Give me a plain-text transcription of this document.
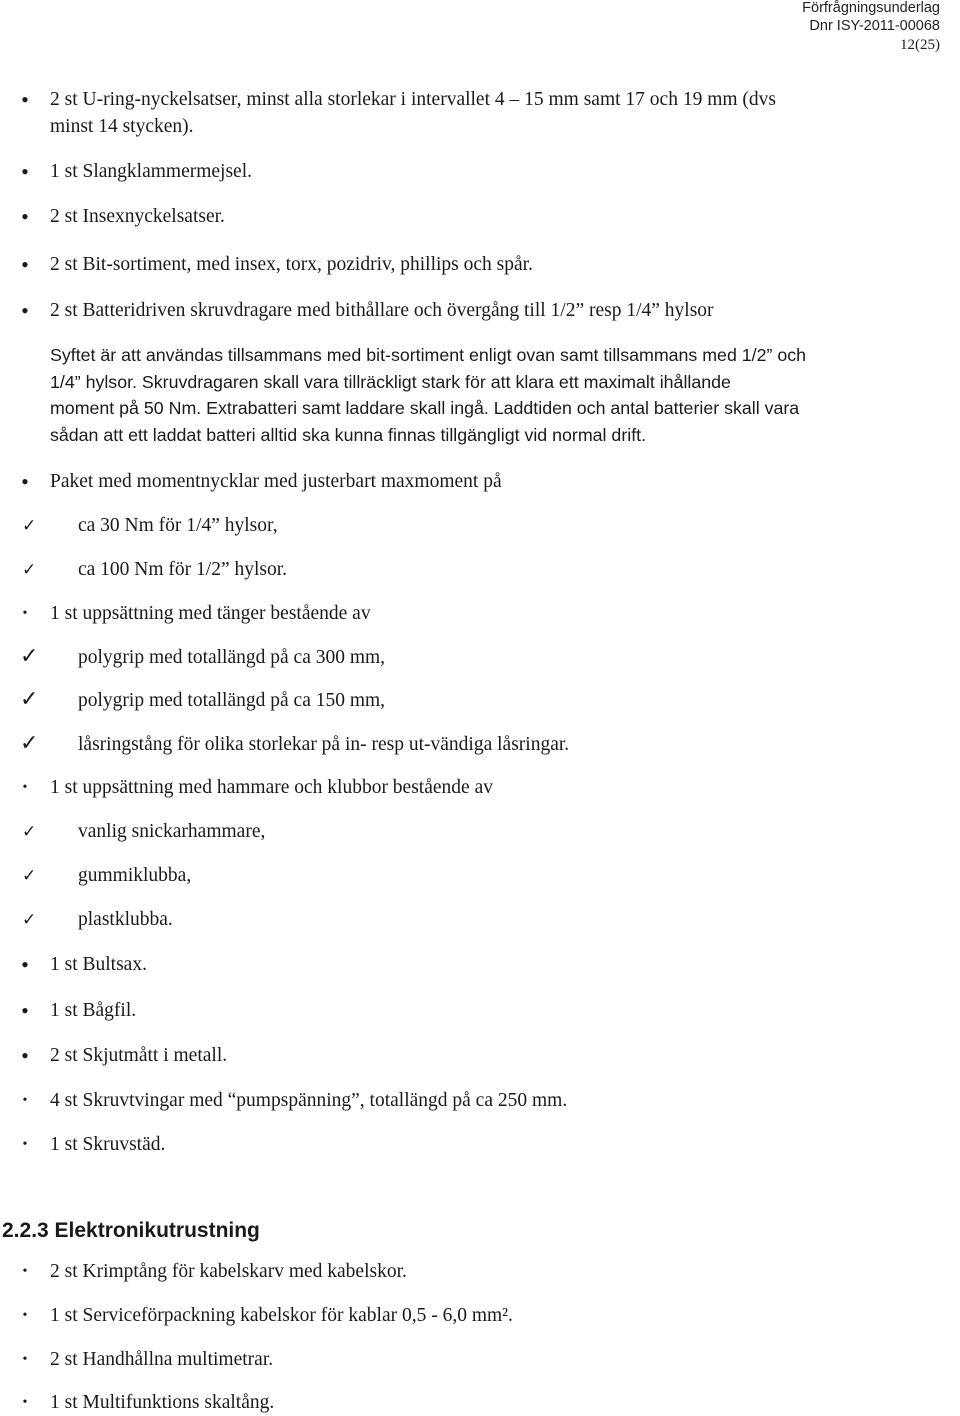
Förfrågningsunderlag
Dnr ISY-2011-00068
12(25)
• 2 st U-ring-nyckelsatser, minst alla storlekar i intervallet 4 – 15 mm samt 17 och 19 mm (dvs
minst 14 stycken).
• 1 st Slangklammermejsel.
• 2 st Insexnyckelsatser.
• 2 st Bit-sortiment, med insex, torx, pozidriv, phillips och spår.
• 2 st Batteridriven skruvdragare med bithållare och övergång till 1/2” resp 1/4” hylsor
Syftet är att användas tillsammans med bit-sortiment enligt ovan samt tillsammans med 1/2” och
1/4” hylsor. Skruvdragaren skall vara tillräckligt stark för att klara ett maximalt ihållande
moment på 50 Nm. Extrabatteri samt laddare skall ingå. Laddtiden och antal batterier skall vara
sådan att ett laddat batteri alltid ska kunna finnas tillgängligt vid normal drift.
• Paket med momentnycklar med justerbart maxmoment på
✓ ca 30 Nm för 1/4” hylsor,
✓ ca 100 Nm för 1/2” hylsor.
• 1 st uppsättning med tänger bestående av
✓ polygrip med totallängd på ca 300 mm,
✓ polygrip med totallängd på ca 150 mm,
✓ låsringstång för olika storlekar på in- resp ut-vändiga låsringar.
• 1 st uppsättning med hammare och klubbor bestående av
✓ vanlig snickarhammare,
✓ gummiklubba,
✓ plastklubba.
• 1 st Bultsax.
• 1 st Bågfil.
• 2 st Skjutmått i metall.
• 4 st Skruvtvingar med “pumpspänning”, totallängd på ca 250 mm.
• 1 st Skruvstäd.
2.2.3 Elektronikutrustning
• 2 st Krimptång för kabelskarv med kabelskor.
• 1 st Serviceförpackning kabelskor för kablar 0,5 - 6,0 mm².
• 2 st Handhållna multimetrar.
• 1 st Multifunktions skaltång.
